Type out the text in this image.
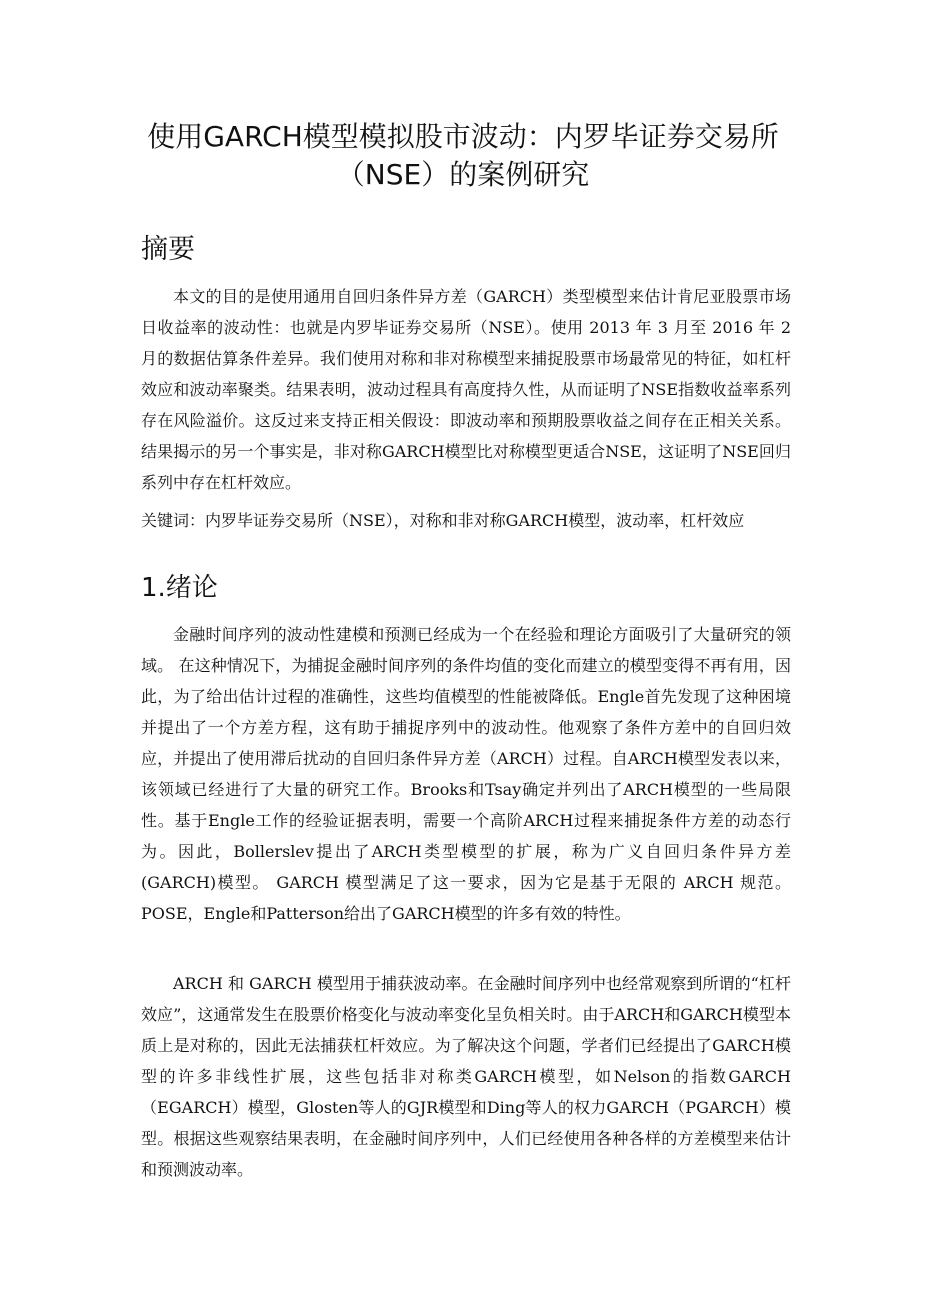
使用GARCH模型模拟股市波动：内罗毕证券交易所
（NSE）的案例研究
摘要

本文的目的是使用通用自回归条件异方差（GARCH）类型模型来估计肯尼亚股票市场日收益率的波动性：也就是内罗毕证券交易所（NSE）。使用 2013 年 3 月至 2016 年 2 月的数据估算条件差异。我们使用对称和非对称模型来捕捉股票市场最常见的特征，如杠杆效应和波动率聚类。结果表明，波动过程具有高度持久性，从而证明了NSE指数收益率系列存在风险溢价。这反过来支持正相关假设：即波动率和预期股票收益之间存在正相关关系。结果揭示的另一个事实是，非对称GARCH模型比对称模型更适合NSE，这证明了NSE回归系列中存在杠杆效应。

关键词：内罗毕证券交易所（NSE），对称和非对称GARCH模型，波动率，杠杆效应
1.绪论

金融时间序列的波动性建模和预测已经成为一个在经验和理论方面吸引了大量研究的领域。 在这种情况下，为捕捉金融时间序列的条件均值的变化而建立的模型变得不再有用，因此，为了给出估计过程的准确性，这些均值模型的性能被降低。Engle首先发现了这种困境并提出了一个方差方程，这有助于捕捉序列中的波动性。他观察了条件方差中的自回归效应，并提出了使用滞后扰动的自回归条件异方差（ARCH）过程。自ARCH模型发表以来，该领域已经进行了大量的研究工作。Brooks和Tsay确定并列出了ARCH模型的一些局限性。基于Engle工作的经验证据表明，需要一个高阶ARCH过程来捕捉条件方差的动态行为。因此，Bollerslev提出了ARCH类型模型的扩展，称为广义自回归条件异方差(GARCH)模型。 GARCH 模型满足了这一要求，因为它是基于无限的 ARCH 规范。POSE，Engle和Patterson给出了GARCH模型的许多有效的特性。

ARCH 和 GARCH 模型用于捕获波动率。在金融时间序列中也经常观察到所谓的“杠杆效应”，这通常发生在股票价格变化与波动率变化呈负相关时。由于ARCH和GARCH模型本质上是对称的，因此无法捕获杠杆效应。为了解决这个问题，学者们已经提出了GARCH模型的许多非线性扩展，这些包括非对称类GARCH模型，如Nelson的指数GARCH（EGARCH）模型，Glosten等人的GJR模型和Ding等人的权力GARCH（PGARCH）模型。根据这些观察结果表明，在金融时间序列中，人们已经使用各种各样的方差模型来估计和预测波动率。
